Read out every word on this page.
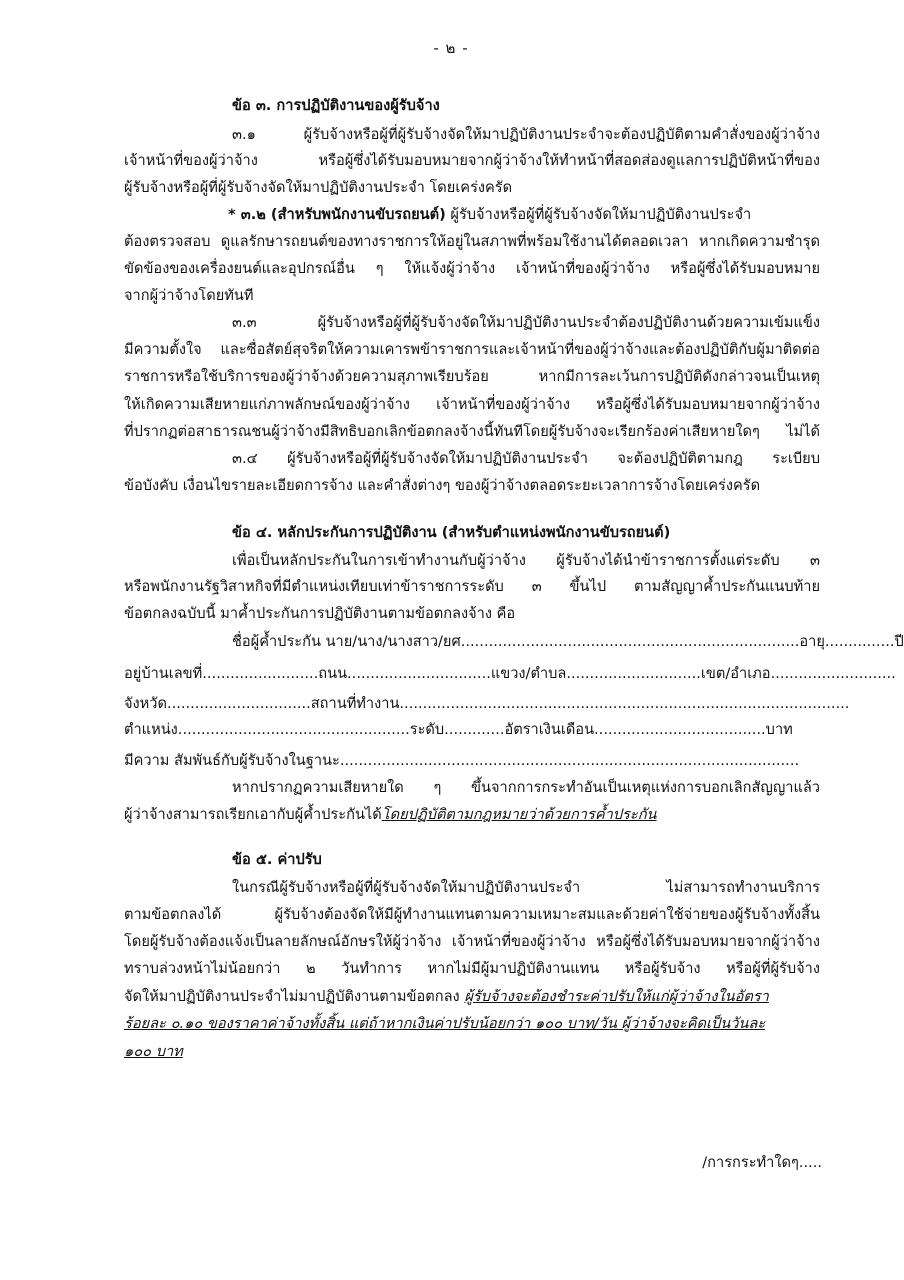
- ๒ -
ข้อ ๓. การปฏิบัติงานของผู้รับจ้าง
๓.๑ ผู้รับจ้างหรือผู้ที่ผู้รับจ้างจัดให้มาปฏิบัติงานประจำจะต้องปฏิบัติตามคำสั่งของผู้ว่าจ้าง
เจ้าหน้าที่ของผู้ว่าจ้าง หรือผู้ซึ่งได้รับมอบหมายจากผู้ว่าจ้างให้ทำหน้าที่สอดส่องดูแลการปฏิบัติหน้าที่ของ
ผู้รับจ้างหรือผู้ที่ผู้รับจ้างจัดให้มาปฏิบัติงานประจำ โดยเคร่งครัด
* ๓.๒ (สำหรับพนักงานขับรถยนต์) ผู้รับจ้างหรือผู้ที่ผู้รับจ้างจัดให้มาปฏิบัติงานประจำ
ต้องตรวจสอบ ดูแลรักษารถยนต์ของทางราชการให้อยู่ในสภาพที่พร้อมใช้งานได้ตลอดเวลา หากเกิดความชำรุด
ขัดข้องของเครื่องยนต์และอุปกรณ์อื่น ๆ ให้แจ้งผู้ว่าจ้าง เจ้าหน้าที่ของผู้ว่าจ้าง หรือผู้ซึ่งได้รับมอบหมาย
จากผู้ว่าจ้างโดยทันที
๓.๓ ผู้รับจ้างหรือผู้ที่ผู้รับจ้างจัดให้มาปฏิบัติงานประจำต้องปฏิบัติงานด้วยความเข้มแข็ง
มีความตั้งใจ และซื่อสัตย์สุจริตให้ความเคารพข้าราชการและเจ้าหน้าที่ของผู้ว่าจ้างและต้องปฏิบัติกับผู้มาติดต่อ
ราชการหรือใช้บริการของผู้ว่าจ้างด้วยความสุภาพเรียบร้อย หากมีการละเว้นการปฏิบัติดังกล่าวจนเป็นเหตุ
ให้เกิดความเสียหายแก่ภาพลักษณ์ของผู้ว่าจ้าง เจ้าหน้าที่ของผู้ว่าจ้าง หรือผู้ซึ่งได้รับมอบหมายจากผู้ว่าจ้าง
ที่ปรากฏต่อสาธารณชนผู้ว่าจ้างมีสิทธิบอกเลิกข้อตกลงจ้างนี้ทันทีโดยผู้รับจ้างจะเรียกร้องค่าเสียหายใดๆ ไม่ได้
๓.๔ ผู้รับจ้างหรือผู้ที่ผู้รับจ้างจัดให้มาปฏิบัติงานประจำ จะต้องปฏิบัติตามกฎ ระเบียบ
ข้อบังคับ เงื่อนไขรายละเอียดการจ้าง และคำสั่งต่างๆ ของผู้ว่าจ้างตลอดระยะเวลาการจ้างโดยเคร่งครัด
ข้อ ๔. หลักประกันการปฏิบัติงาน (สำหรับตำแหน่งพนักงานขับรถยนต์)
เพื่อเป็นหลักประกันในการเข้าทำงานกับผู้ว่าจ้าง ผู้รับจ้างได้นำข้าราชการตั้งแต่ระดับ ๓
หรือพนักงานรัฐวิสาหกิจที่มีตำแหน่งเทียบเท่าข้าราชการระดับ ๓ ขึ้นไป ตามสัญญาค้ำประกันแนบท้าย
ข้อตกลงฉบับนี้ มาค้ำประกันการปฏิบัติงานตามข้อตกลงจ้าง คือ
ชื่อผู้ค้ำประกัน นาย/นาง/นางสาว/ยศ.........................................................................อายุ...............ปี
อยู่บ้านเลขที่.........................ถนน...............................แขวง/ตำบล.............................เขต/อำเภอ...........................
จังหวัด...............................สถานที่ทำงาน.................................................................................................
ตำแหน่ง..................................................ระดับ.............อัตราเงินเดือน.....................................บาท
มีความ สัมพันธ์กับผู้รับจ้างในฐานะ...................................................................................................
หากปรากฏความเสียหายใด ๆ ขึ้นจากการกระทำอันเป็นเหตุแห่งการบอกเลิกสัญญาแล้ว
ผู้ว่าจ้างสามารถเรียกเอากับผู้ค้ำประกันได้โดยปฏิบัติตามกฎหมายว่าด้วยการค้ำประกัน
ข้อ ๕. ค่าปรับ
ในกรณีผู้รับจ้างหรือผู้ที่ผู้รับจ้างจัดให้มาปฏิบัติงานประจำ ไม่สามารถทำงานบริการ
ตามข้อตกลงได้ ผู้รับจ้างต้องจัดให้มีผู้ทำงานแทนตามความเหมาะสมและด้วยค่าใช้จ่ายของผู้รับจ้างทั้งสิ้น
โดยผู้รับจ้างต้องแจ้งเป็นลายลักษณ์อักษรให้ผู้ว่าจ้าง เจ้าหน้าที่ของผู้ว่าจ้าง หรือผู้ซึ่งได้รับมอบหมายจากผู้ว่าจ้าง
ทราบล่วงหน้าไม่น้อยกว่า ๒ วันทำการ หากไม่มีผู้มาปฏิบัติงานแทน หรือผู้รับจ้าง หรือผู้ที่ผู้รับจ้าง
จัดให้มาปฏิบัติงานประจำไม่มาปฏิบัติงานตามข้อตกลง ผู้รับจ้างจะต้องชำระค่าปรับให้แก่ผู้ว่าจ้างในอัตรา
ร้อยละ ๐.๑๐ ของราคาค่าจ้างทั้งสิ้น แต่ถ้าหากเงินค่าปรับน้อยกว่า ๑๐๐ บาท/วัน ผู้ว่าจ้างจะคิดเป็นวันละ
๑๐๐ บาท
/การกระทำใดๆ.....
